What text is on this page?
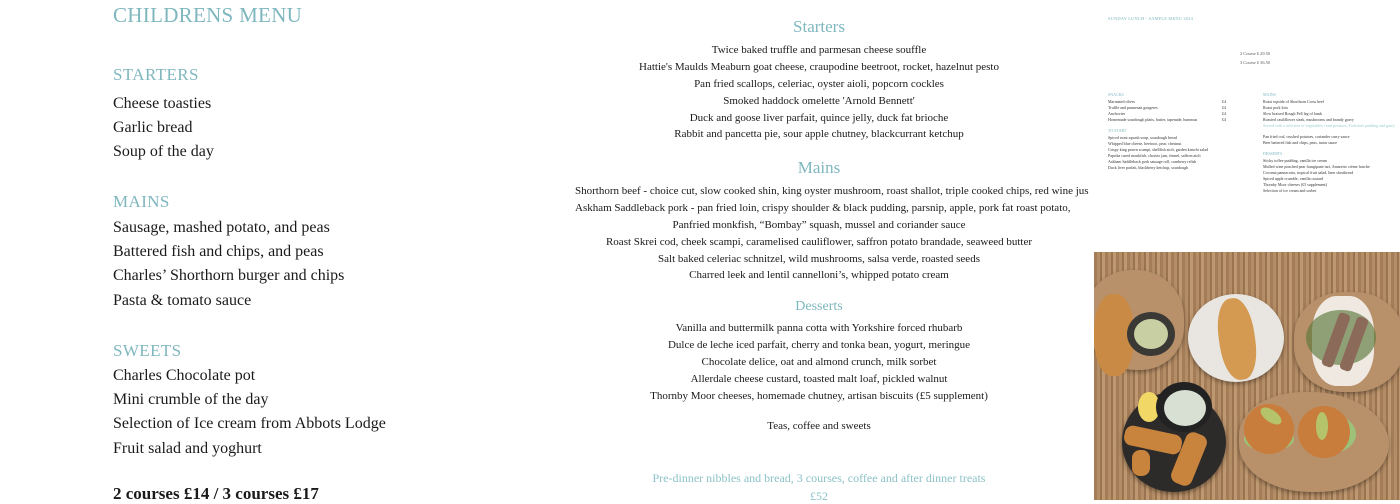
CHILDRENS MENU
STARTERS
Cheese toasties
Garlic bread
Soup of the day
MAINS
Sausage, mashed potato, and peas
Battered fish and chips, and peas
Charles’ Shorthorn burger and chips
Pasta & tomato sauce
SWEETS
Charles Chocolate pot
Mini crumble of the day
Selection of Ice cream from Abbots Lodge
Fruit salad and yoghurt
2 courses £14 / 3 courses £17
Starters
Twice baked truffle and parmesan cheese souffle
Hattie's Maulds Meaburn goat cheese, craupodine beetroot, rocket, hazelnut pesto
Pan fried scallops, celeriac, oyster aioli, popcorn cockles
Smoked haddock omelette 'Arnold Bennett'
Duck and goose liver parfait, quince jelly, duck fat brioche
Rabbit and pancetta pie, sour apple chutney, blackcurrant ketchup
Mains
Shorthorn beef - choice cut, slow cooked shin, king oyster mushroom, roast shallot, triple cooked chips, red wine jus
Askham Saddleback pork - pan fried loin, crispy shoulder & black pudding, parsnip, apple, pork fat roast potato,
Panfried monkfish, “Bombay” squash, mussel and coriander sauce
Roast Skrei cod, cheek scampi, caramelised cauliflower, saffron potato brandade, seaweed butter
Salt baked celeriac schnitzel, wild mushrooms, salsa verde, roasted seeds
Charred leek and lentil cannelloni’s, whipped potato cream
Desserts
Vanilla and buttermilk panna cotta with Yorkshire forced rhubarb
Dulce de leche iced parfait, cherry and tonka bean, yogurt, meringue
Chocolate delice, oat and almond crunch, milk sorbet
Allerdale cheese custard, toasted malt loaf, pickled walnut
Thornby Moor cheeses, homemade chutney, artisan biscuits (£5 supplement)
Teas, coffee and sweets
Pre-dinner nibbles and bread, 3 courses, coffee and after dinner treats
£52
SUNDAY LUNCH - SAMPLE MENU 2024
2 Course £ 29.50
3 Course £ 36.50
SNACKS
Marinated olives	£4
Truffle and parmesan gougeres	£4
Anchovies	£4
Homemade sourdough plaits, butter, tapenade, hummus	£4
TO START
Spiced roast squash soup, sourdough bread
Whipped blue cheese, beetroot, pear, chestnut
Crispy king prawn scampi, shellfish aioli, garden kimchi salad
Paprika cured monkfish, chorizo jam, fennel, saffron aioli
Askham Saddleback pork sausage roll, cranberry relish
Duck liver parfait, blackberry ketchup, sourdough
MAINS
Roast topside of Shorthorn Cross beef
Roast pork loin
Slow braised Rough Fell leg of lamb
Roasted cauliflower steak, mushrooms and brandy gravy
Served with a selection of vegetables, roast potatoes, Yorkshire pudding and gravy
Pan fried cod, crushed potatoes, coriander curry sauce
Beer battered fish and chips, peas, tartar sauce
DESSERTS
Sticky toffee pudding, vanilla ice cream
Mulled wine poached pear frangipane tart, Amaretto crème fraiche
Coconut pannacotta, tropical fruit salad, lime shortbread
Spiced apple crumble, vanilla custard
Thornby Moor cheeses (£5 supplement)
Selection of ice cream and sorbet
